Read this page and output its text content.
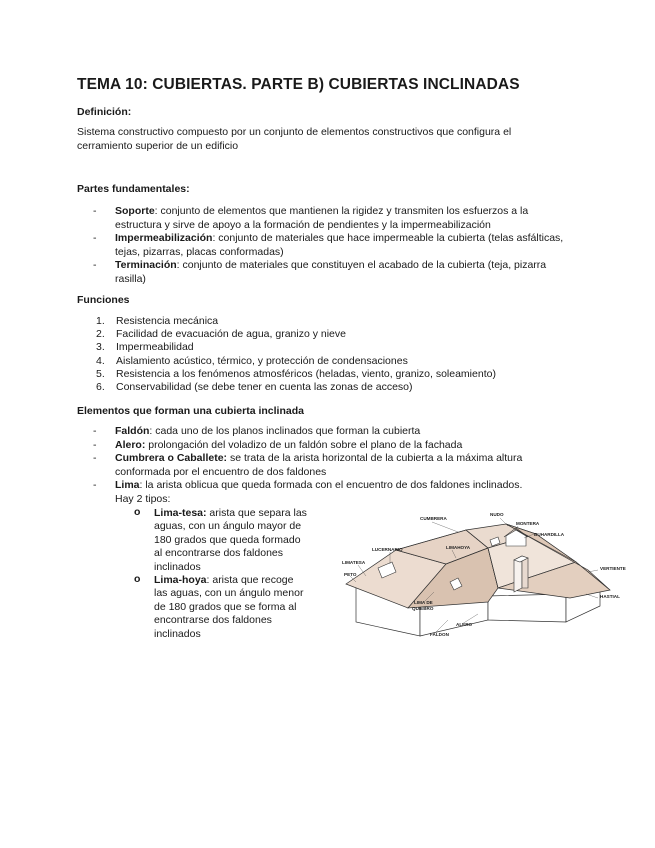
TEMA 10: CUBIERTAS. PARTE B) CUBIERTAS INCLINADAS

Definición:

Sistema constructivo compuesto por un conjunto de elementos constructivos que configura el
cerramiento superior de un edificio

Partes fundamentales:

- Soporte: conjunto de elementos que mantienen la rigidez y transmiten los esfuerzos a la
estructura y sirve de apoyo a la formación de pendientes y la impermeabilización
- Impermeabilización: conjunto de materiales que hace impermeable la cubierta (telas asfálticas,
tejas, pizarras, placas conformadas)
- Terminación: conjunto de materiales que constituyen el acabado de la cubierta (teja, pizarra
rasilla)

Funciones

1. Resistencia mecánica
2. Facilidad de evacuación de agua, granizo y nieve
3. Impermeabilidad
4. Aislamiento acústico, térmico, y protección de condensaciones
5. Resistencia a los fenómenos atmosféricos (heladas, viento, granizo, soleamiento)
6. Conservabilidad (se debe tener en cuenta las zonas de acceso)

Elementos que forman una cubierta inclinada

- Faldón: cada uno de los planos inclinados que forman la cubierta
- Alero: prolongación del voladizo de un faldón sobre el plano de la fachada
- Cumbrera o Caballete: se trata de la arista horizontal de la cubierta a la máxima altura
conformada por el encuentro de dos faldones
- Lima: la arista oblicua que queda formada con el encuentro de dos faldones inclinados.
Hay 2 tipos:
o Lima-tesa: arista que separa las
aguas, con un ángulo mayor de
180 grados que queda formado
al encontrarse dos faldones
inclinados
o Lima-hoya: arista que recoge
las aguas, con un ángulo menor
de 180 grados que se forma al
encontrarse dos faldones
inclinados
CUMBRERA
NUDO
MONTERA
BUHARDILLA
LUCERNARIO	LIMAHOYA
LIMATESA
PETO
VERTIENTE
HASTIAL
LIMA DE
QUIEBRO
ALERO
FALDON
